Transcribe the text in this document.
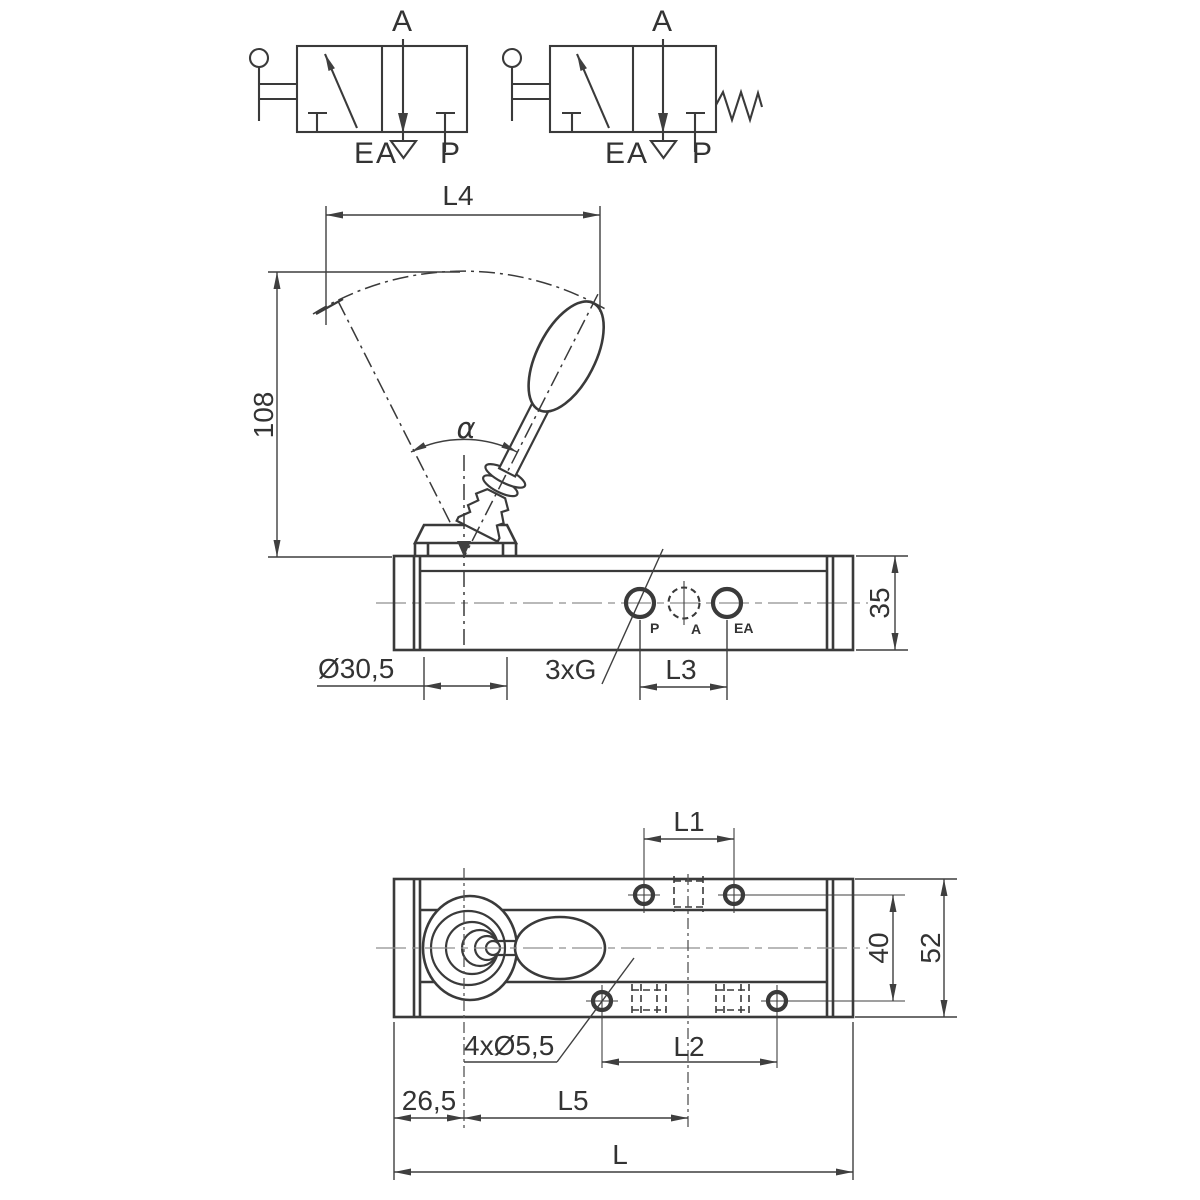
A
EA P
A
EA P
P A EA
α
L4
108
Ø30,5	3xG L3
35
L1
40 52
4xØ5,5	L2
26,5	L5
L
